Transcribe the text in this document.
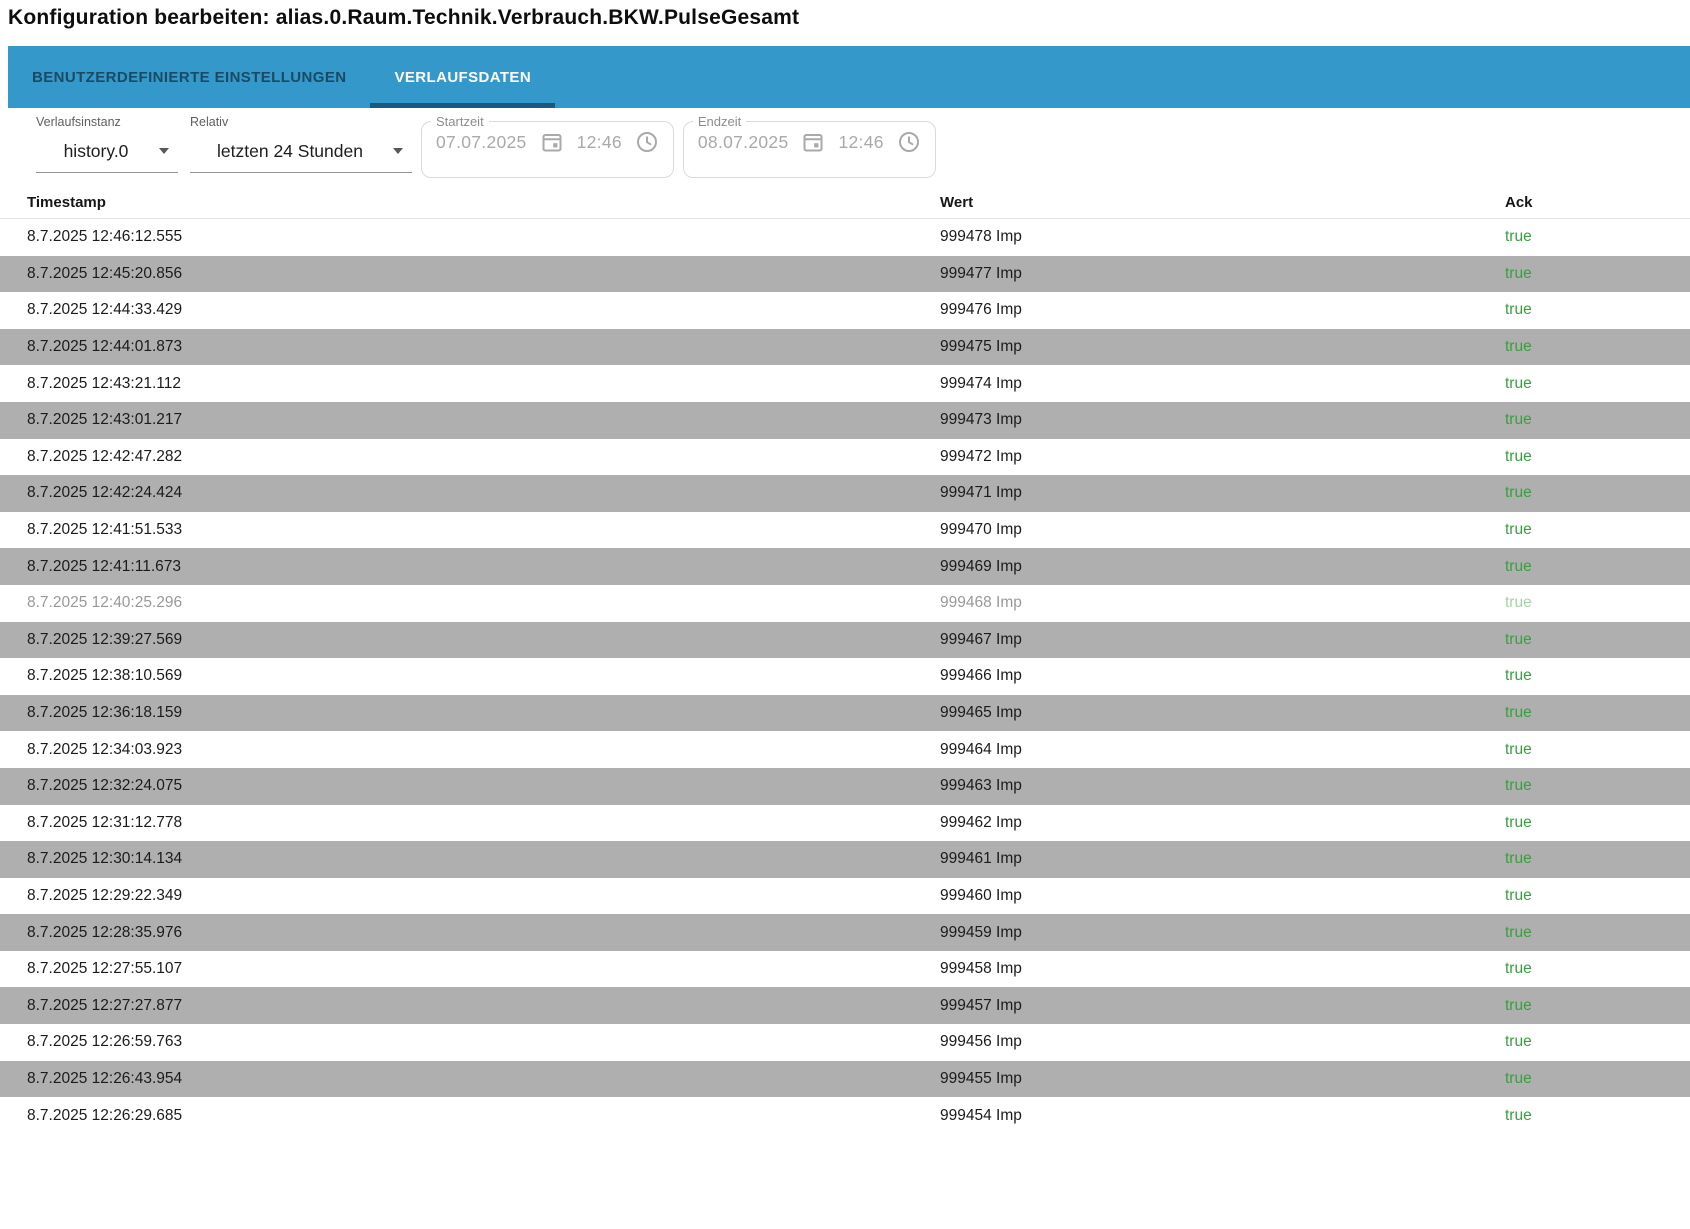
Konfiguration bearbeiten: alias.0.Raum.Technik.Verbrauch.BKW.PulseGesamt
BENUTZERDEFINIERTE EINSTELLUNGEN	VERLAUFSDATEN
Verlaufsinstanz
history.0
Relativ
letzten 24 Stunden
Startzeit
07.07.2025	12:46
Endzeit
08.07.2025	12:46
Timestamp	Wert	Ack
8.7.2025 12:46:12.555	999478 Imp	true
8.7.2025 12:45:20.856	999477 Imp	true
8.7.2025 12:44:33.429	999476 Imp	true
8.7.2025 12:44:01.873	999475 Imp	true
8.7.2025 12:43:21.112	999474 Imp	true
8.7.2025 12:43:01.217	999473 Imp	true
8.7.2025 12:42:47.282	999472 Imp	true
8.7.2025 12:42:24.424	999471 Imp	true
8.7.2025 12:41:51.533	999470 Imp	true
8.7.2025 12:41:11.673	999469 Imp	true
8.7.2025 12:40:25.296	999468 Imp	true
8.7.2025 12:39:27.569	999467 Imp	true
8.7.2025 12:38:10.569	999466 Imp	true
8.7.2025 12:36:18.159	999465 Imp	true
8.7.2025 12:34:03.923	999464 Imp	true
8.7.2025 12:32:24.075	999463 Imp	true
8.7.2025 12:31:12.778	999462 Imp	true
8.7.2025 12:30:14.134	999461 Imp	true
8.7.2025 12:29:22.349	999460 Imp	true
8.7.2025 12:28:35.976	999459 Imp	true
8.7.2025 12:27:55.107	999458 Imp	true
8.7.2025 12:27:27.877	999457 Imp	true
8.7.2025 12:26:59.763	999456 Imp	true
8.7.2025 12:26:43.954	999455 Imp	true
8.7.2025 12:26:29.685	999454 Imp	true
